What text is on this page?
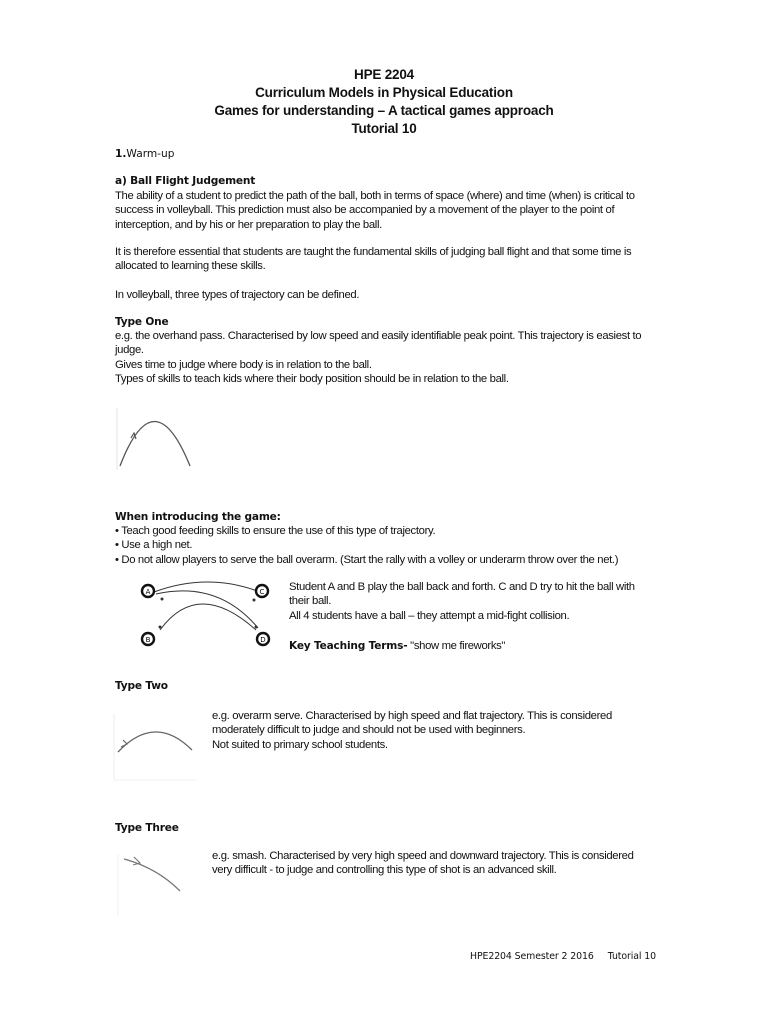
HPE 2204
Curriculum Models in Physical Education
Games for understanding – A tactical games approach
Tutorial 10
1.Warm-up
a) Ball Flight Judgement
The ability of a student to predict the path of the ball, both in terms of space (where) and time (when) is critical to success in volleyball. This prediction must also be accompanied by a movement of the player to the point of interception, and by his or her preparation to play the ball.
It is therefore essential that students are taught the fundamental skills of judging ball flight and that some time is allocated to learning these skills.
In volleyball, three types of trajectory can be defined.
Type One
e.g. the overhand pass. Characterised by low speed and easily identifiable peak point. This trajectory is easiest to judge.
Gives time to judge where body is in relation to the ball.
Types of skills to teach kids where their body position should be in relation to the ball.
When introducing the game:
• Teach good feeding skills to ensure the use of this type of trajectory.
• Use a high net.
• Do not allow players to serve the ball overarm. (Start the rally with a volley or underarm throw over the net.)
A	C
B	D
Student A and B play the ball back and forth. C and D try to hit the ball with their ball.
All 4 students have a ball – they attempt a mid-fight collision.
Key Teaching Terms- "show me fireworks"
Type Two
e.g. overarm serve. Characterised by high speed and flat trajectory. This is considered moderately difficult to judge and should not be used with beginners.
Not suited to primary school students.
Type Three
e.g. smash. Characterised by very high speed and downward trajectory. This is considered very difficult - to judge and controlling this type of shot is an advanced skill.
HPE2204 Semester 2 2016 Tutorial 10
